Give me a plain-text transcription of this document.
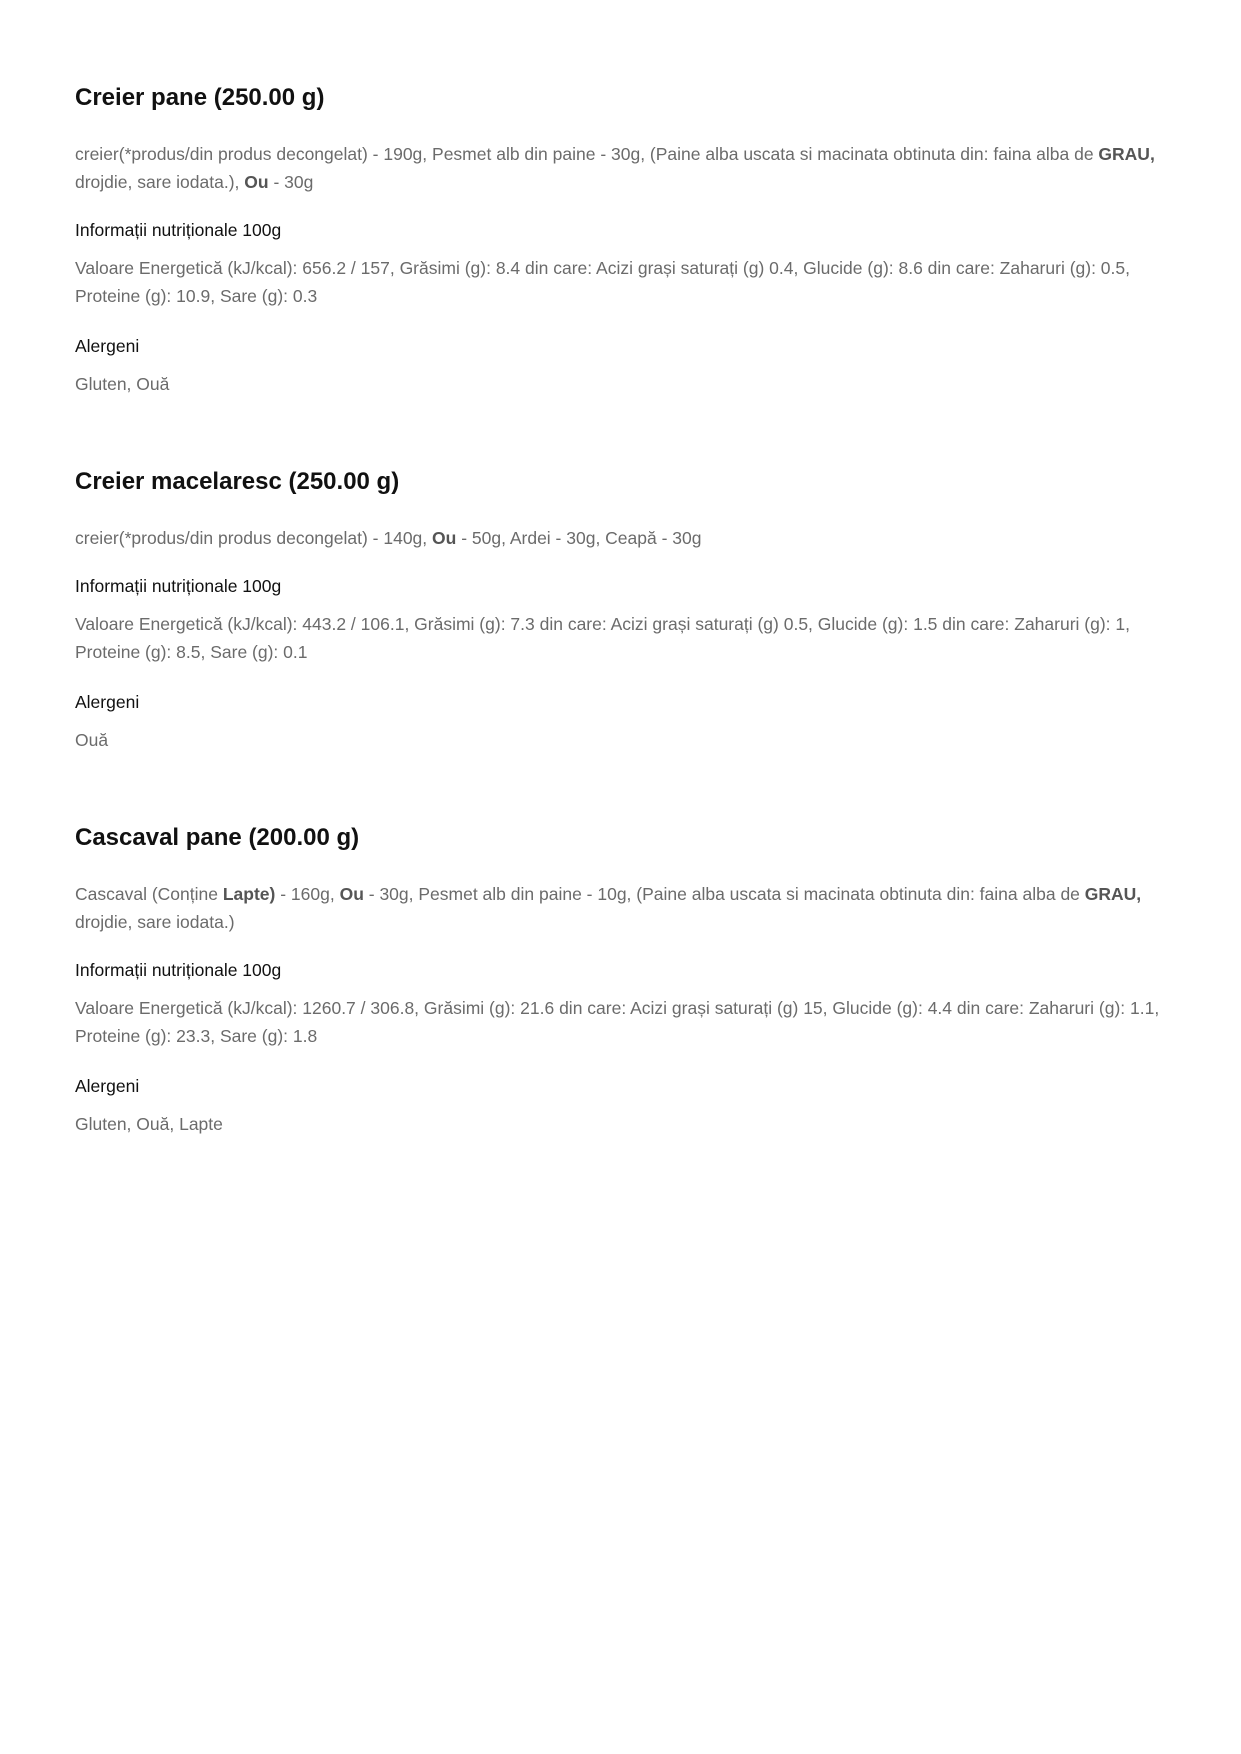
Creier pane (250.00 g)

creier(*produs/din produs decongelat) - 190g, Pesmet alb din paine - 30g, (Paine alba uscata si macinata obtinuta din: faina alba de GRAU, drojdie, sare iodata.), Ou - 30g

Informații nutriționale 100g

Valoare Energetică (kJ/kcal): 656.2 / 157, Grăsimi (g): 8.4 din care: Acizi grași saturați (g) 0.4, Glucide (g): 8.6 din care: Zaharuri (g): 0.5, Proteine (g): 10.9, Sare (g): 0.3

Alergeni

Gluten, Ouă

Creier macelaresc (250.00 g)

creier(*produs/din produs decongelat) - 140g, Ou - 50g, Ardei - 30g, Ceapă - 30g

Informații nutriționale 100g

Valoare Energetică (kJ/kcal): 443.2 / 106.1, Grăsimi (g): 7.3 din care: Acizi grași saturați (g) 0.5, Glucide (g): 1.5 din care: Zaharuri (g): 1, Proteine (g): 8.5, Sare (g): 0.1

Alergeni

Ouă

Cascaval pane (200.00 g)

Cascaval (Conține Lapte) - 160g, Ou - 30g, Pesmet alb din paine - 10g, (Paine alba uscata si macinata obtinuta din: faina alba de GRAU, drojdie, sare iodata.)

Informații nutriționale 100g

Valoare Energetică (kJ/kcal): 1260.7 / 306.8, Grăsimi (g): 21.6 din care: Acizi grași saturați (g) 15, Glucide (g): 4.4 din care: Zaharuri (g): 1.1, Proteine (g): 23.3, Sare (g): 1.8

Alergeni

Gluten, Ouă, Lapte
